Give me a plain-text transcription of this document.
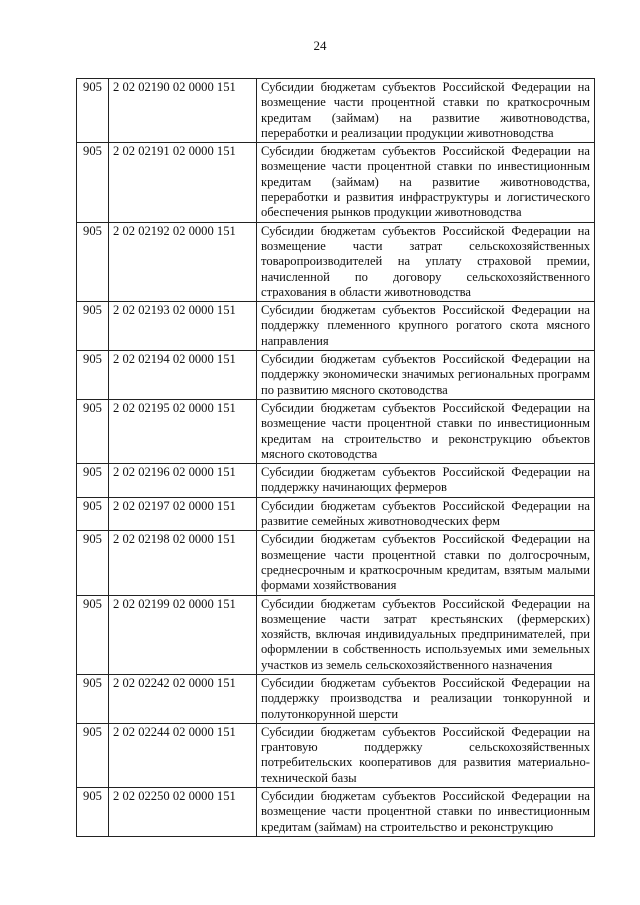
24
905	2 02 02190 02 0000 151	Субсидии бюджетам субъектов Российской Федерации на возмещение части процентной ставки по краткосрочным кредитам (займам) на развитие животноводства, переработки и реализации продукции животноводства
905	2 02 02191 02 0000 151	Субсидии бюджетам субъектов Российской Федерации на возмещение части процентной ставки по инвестиционным кредитам (займам) на развитие животноводства, переработки и развития инфраструктуры и логистического обеспечения рынков продукции животноводства
905	2 02 02192 02 0000 151	Субсидии бюджетам субъектов Российской Федерации на возмещение части затрат сельскохозяйственных товаропроизводителей на уплату страховой премии, начисленной по договору сельскохозяйственного страхования в области животноводства
905	2 02 02193 02 0000 151	Субсидии бюджетам субъектов Российской Федерации на поддержку племенного крупного рогатого скота мясного направления
905	2 02 02194 02 0000 151	Субсидии бюджетам субъектов Российской Федерации на поддержку экономически значимых региональных программ по развитию мясного скотоводства
905	2 02 02195 02 0000 151	Субсидии бюджетам субъектов Российской Федерации на возмещение части процентной ставки по инвестиционным кредитам на строительство и реконструкцию объектов мясного скотоводства
905	2 02 02196 02 0000 151	Субсидии бюджетам субъектов Российской Федерации на поддержку начинающих фермеров
905	2 02 02197 02 0000 151	Субсидии бюджетам субъектов Российской Федерации на развитие семейных животноводческих ферм
905	2 02 02198 02 0000 151	Субсидии бюджетам субъектов Российской Федерации на возмещение части процентной ставки по долгосрочным, среднесрочным и краткосрочным кредитам, взятым малыми формами хозяйствования
905	2 02 02199 02 0000 151	Субсидии бюджетам субъектов Российской Федерации на возмещение части затрат крестьянских (фермерских) хозяйств, включая индивидуальных предпринимателей, при оформлении в собственность используемых ими земельных участков из земель сельскохозяйственного назначения
905	2 02 02242 02 0000 151	Субсидии бюджетам субъектов Российской Федерации на поддержку производства и реализации тонкорунной и полутонкорунной шерсти
905	2 02 02244 02 0000 151	Субсидии бюджетам субъектов Российской Федерации на грантовую поддержку сельскохозяйственных потребительских кооперативов для развития материально-технической базы
905	2 02 02250 02 0000 151	Субсидии бюджетам субъектов Российской Федерации на возмещение части процентной ставки по инвестиционным кредитам (займам) на строительство и реконструкцию
